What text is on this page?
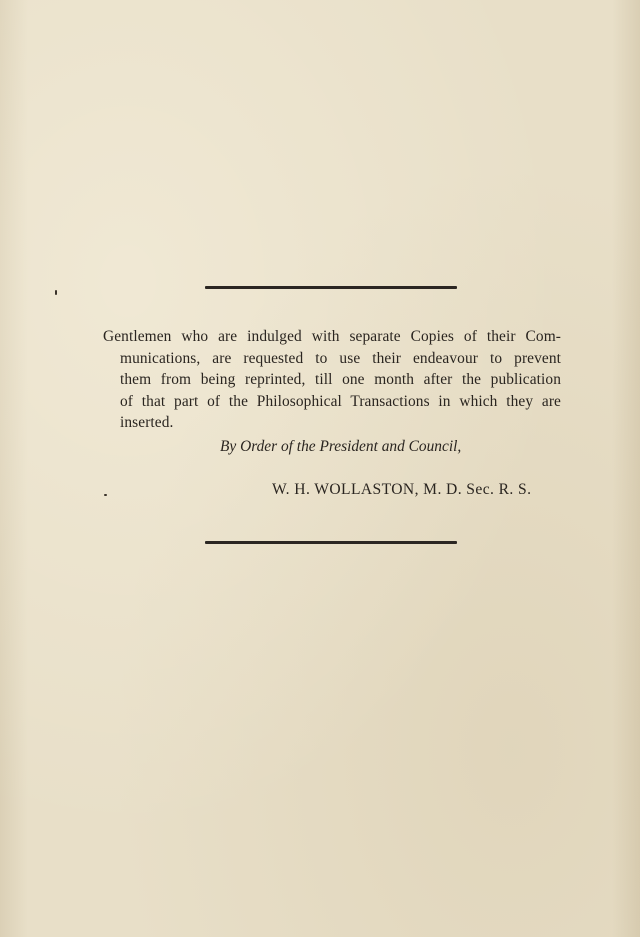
Gentlemen who are indulged with separate Copies of their Com-
munications, are requested to use their endeavour to prevent
them from being reprinted, till one month after the publication
of that part of the Philosophical Transactions in which they are
inserted.
By Order of the President and Council,
W. H. WOLLASTON, M. D. Sec. R. S.
